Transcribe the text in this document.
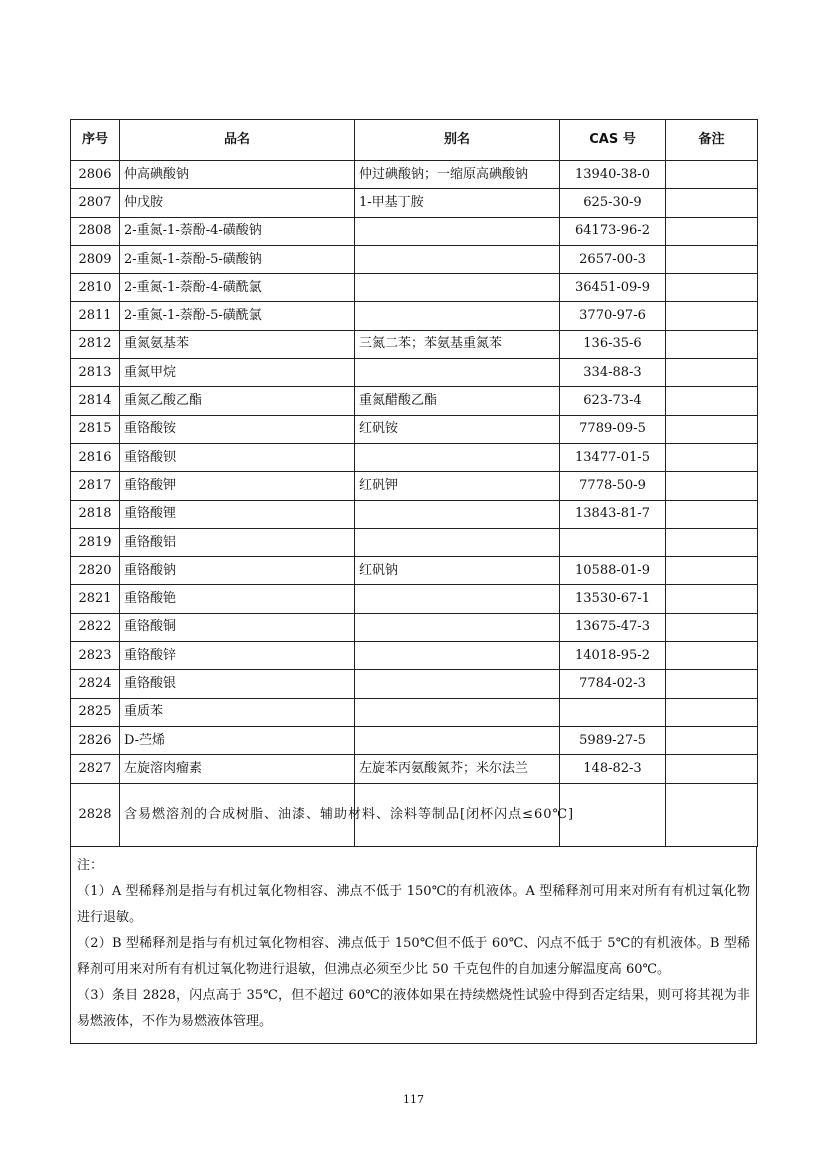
序号	品名	别名	CAS 号	备注
2806	仲高碘酸钠	仲过碘酸钠；一缩原高碘酸钠	13940-38-0	
2807	仲戊胺	1-甲基丁胺	625-30-9	
2808	2-重氮-1-萘酚-4-磺酸钠		64173-96-2	
2809	2-重氮-1-萘酚-5-磺酸钠		2657-00-3	
2810	2-重氮-1-萘酚-4-磺酰氯		36451-09-9	
2811	2-重氮-1-萘酚-5-磺酰氯		3770-97-6	
2812	重氮氨基苯	三氮二苯；苯氨基重氮苯	136-35-6	
2813	重氮甲烷		334-88-3	
2814	重氮乙酸乙酯	重氮醋酸乙酯	623-73-4	
2815	重铬酸铵	红矾铵	7789-09-5	
2816	重铬酸钡		13477-01-5	
2817	重铬酸钾	红矾钾	7778-50-9	
2818	重铬酸锂		13843-81-7	
2819	重铬酸铝			
2820	重铬酸钠	红矾钠	10588-01-9	
2821	重铬酸铯		13530-67-1	
2822	重铬酸铜		13675-47-3	
2823	重铬酸锌		14018-95-2	
2824	重铬酸银		7784-02-3	
2825	重质苯			
2826	D-苎烯		5989-27-5	
2827	左旋溶肉瘤素	左旋苯丙氨酸氮芥；米尔法兰	148-82-3	
2828	含易燃溶剂的合成树脂、油漆、辅助材料、涂料等制品[闭杯闪点≤60℃]			

注：

（1）A 型稀释剂是指与有机过氧化物相容、沸点不低于 150℃的有机液体。A 型稀释剂可用来对所有有机过氧化物进行退敏。

（2）B 型稀释剂是指与有机过氧化物相容、沸点低于 150℃但不低于 60℃、闪点不低于 5℃的有机液体。B 型稀释剂可用来对所有有机过氧化物进行退敏，但沸点必须至少比 50 千克包件的自加速分解温度高 60℃。

（3）条目 2828，闪点高于 35℃，但不超过 60℃的液体如果在持续燃烧性试验中得到否定结果，则可将其视为非易燃液体，不作为易燃液体管理。

117
